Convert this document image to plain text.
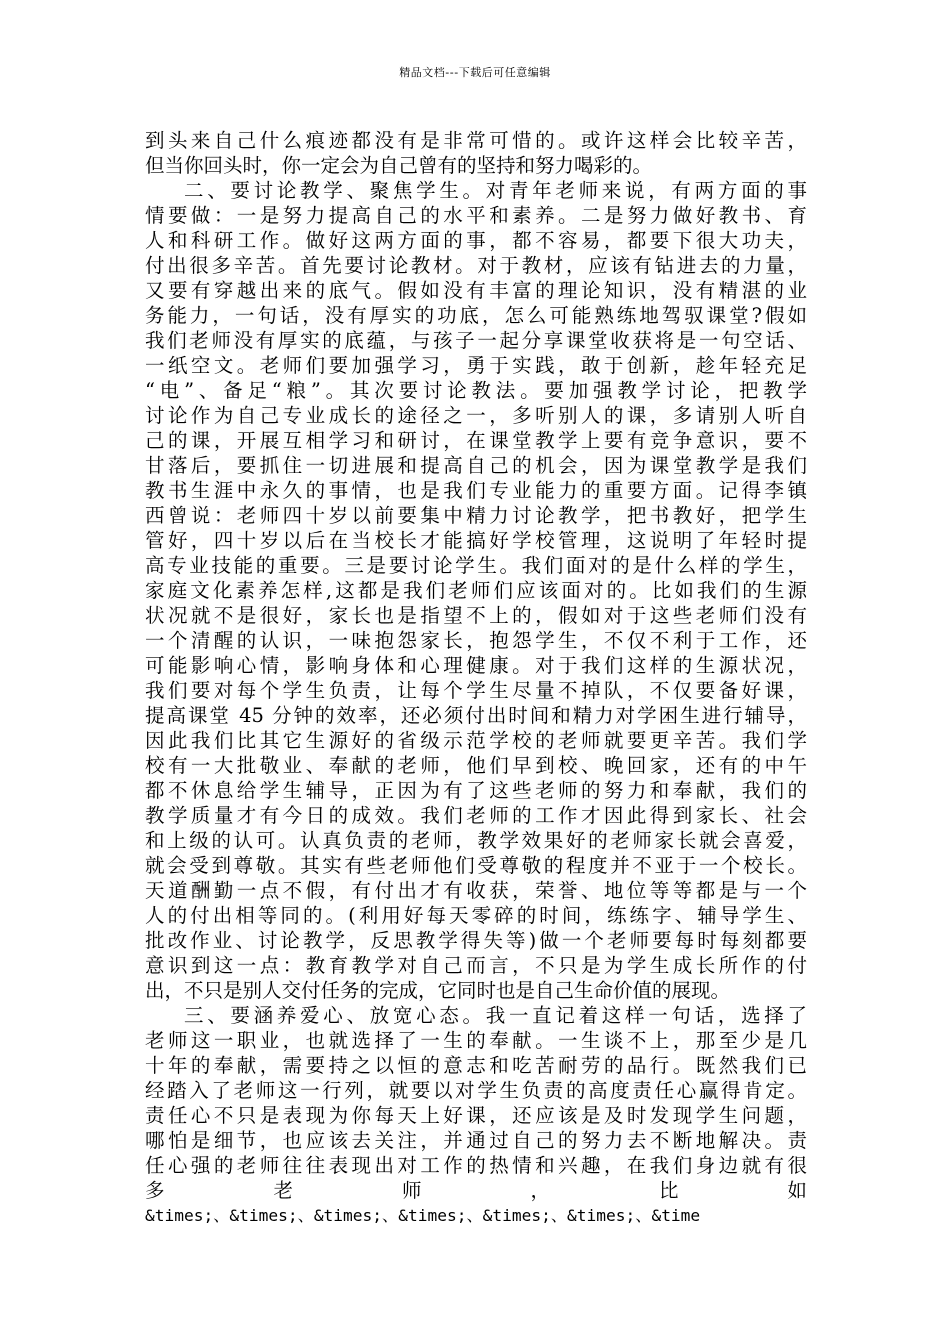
精品文档---下载后可任意编辑
到头来自己什么痕迹都没有是非常可惜的。或许这样会比较辛苦，
但当你回头时，你一定会为自己曾有的坚持和努力喝彩的。
二、要讨论教学、聚焦学生。对青年老师来说，有两方面的事
情要做：一是努力提高自己的水平和素养。二是努力做好教书、育
人和科研工作。做好这两方面的事，都不容易，都要下很大功夫，
付出很多辛苦。首先要讨论教材。对于教材，应该有钻进去的力量，
又要有穿越出来的底气。假如没有丰富的理论知识，没有精湛的业
务能力，一句话，没有厚实的功底，怎么可能熟练地驾驭课堂?假如
我们老师没有厚实的底蕴，与孩子一起分享课堂收获将是一句空话、
一纸空文。老师们要加强学习，勇于实践，敢于创新，趁年轻充足
“电”、备足“粮”。其次要讨论教法。要加强教学讨论，把教学
讨论作为自己专业成长的途径之一，多听别人的课，多请别人听自
己的课，开展互相学习和研讨，在课堂教学上要有竞争意识，要不
甘落后，要抓住一切进展和提高自己的机会，因为课堂教学是我们
教书生涯中永久的事情，也是我们专业能力的重要方面。记得李镇
西曾说：老师四十岁以前要集中精力讨论教学，把书教好，把学生
管好，四十岁以后在当校长才能搞好学校管理，这说明了年轻时提
高专业技能的重要。三是要讨论学生。我们面对的是什么样的学生，
家庭文化素养怎样,这都是我们老师们应该面对的。比如我们的生源
状况就不是很好，家长也是指望不上的，假如对于这些老师们没有
一个清醒的认识，一味抱怨家长，抱怨学生，不仅不利于工作，还
可能影响心情，影响身体和心理健康。对于我们这样的生源状况，
我们要对每个学生负责，让每个学生尽量不掉队，不仅要备好课，
提高课堂 45 分钟的效率，还必须付出时间和精力对学困生进行辅导，
因此我们比其它生源好的省级示范学校的老师就要更辛苦。我们学
校有一大批敬业、奉献的老师，他们早到校、晚回家，还有的中午
都不休息给学生辅导，正因为有了这些老师的努力和奉献，我们的
教学质量才有今日的成效。我们老师的工作才因此得到家长、社会
和上级的认可。认真负责的老师，教学效果好的老师家长就会喜爱，
就会受到尊敬。其实有些老师他们受尊敬的程度并不亚于一个校长。
天道酬勤一点不假，有付出才有收获，荣誉、地位等等都是与一个
人的付出相等同的。(利用好每天零碎的时间，练练字、辅导学生、
批改作业、讨论教学，反思教学得失等)做一个老师要每时每刻都要
意识到这一点：教育教学对自己而言，不只是为学生成长所作的付
出，不只是别人交付任务的完成，它同时也是自己生命价值的展现。
三、要涵养爱心、放宽心态。我一直记着这样一句话，选择了
老师这一职业，也就选择了一生的奉献。一生谈不上，那至少是几
十年的奉献，需要持之以恒的意志和吃苦耐劳的品行。既然我们已
经踏入了老师这一行列，就要以对学生负责的高度责任心赢得肯定。
责任心不只是表现为你每天上好课，还应该是及时发现学生问题，
哪怕是细节，也应该去关注，并通过自己的努力去不断地解决。责
任心强的老师往往表现出对工作的热情和兴趣，在我们身边就有很
多	老	师	，	比	如
&times;、&times;、&times;、&times;、&times;、&times;、&time
